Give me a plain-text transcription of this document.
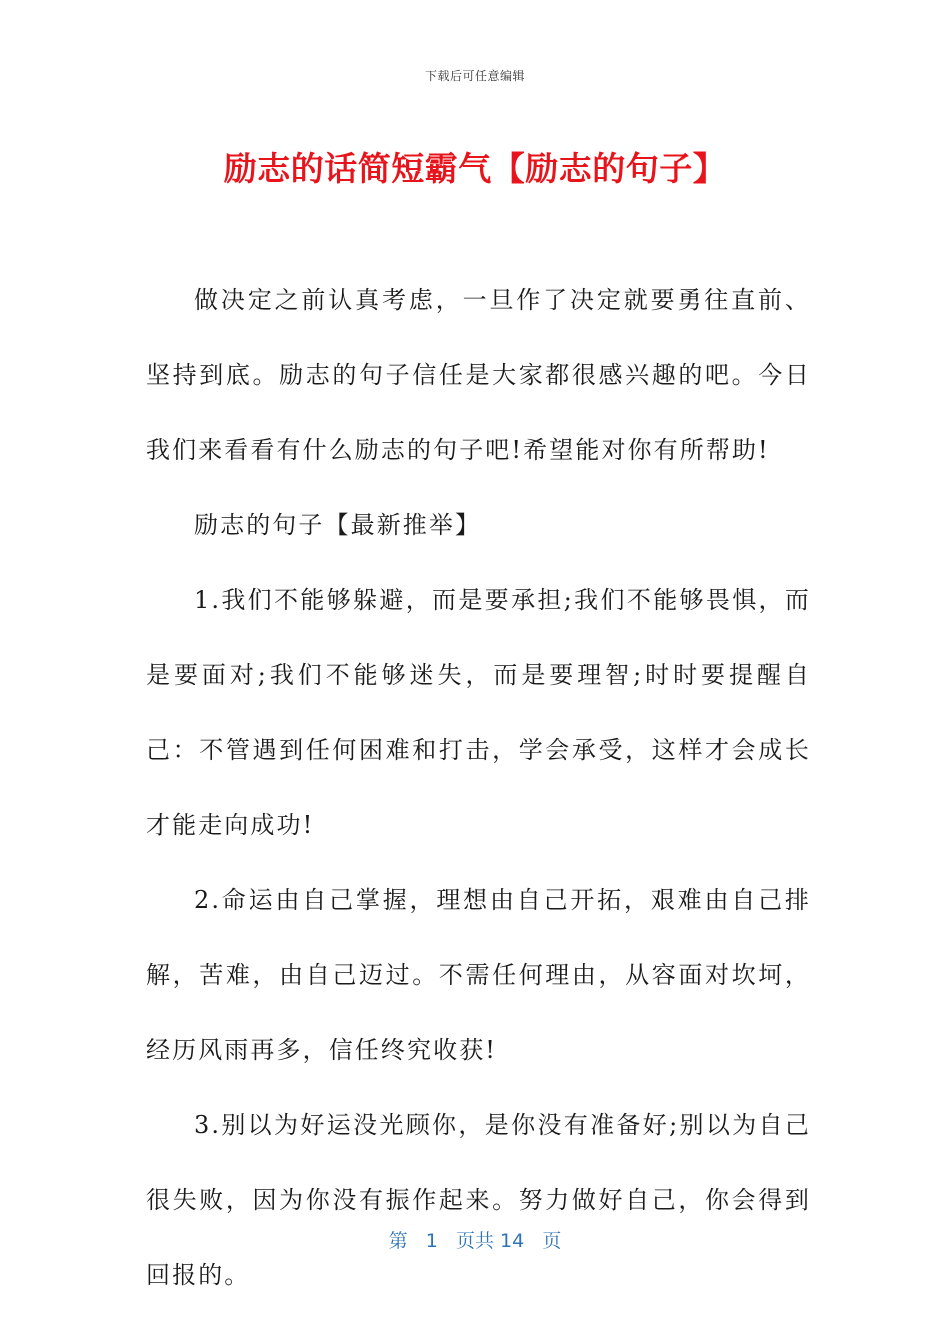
下载后可任意编辑
励志的话简短霸气【励志的句子】

做决定之前认真考虑，一旦作了决定就要勇往直前、坚持到底。励志的句子信任是大家都很感兴趣的吧。今日我们来看看有什么励志的句子吧!希望能对你有所帮助!

励志的句子【最新推举】

1.我们不能够躲避，而是要承担;我们不能够畏惧，而是要面对;我们不能够迷失，而是要理智;时时要提醒自己：不管遇到任何困难和打击，学会承受，这样才会成长才能走向成功!

2.命运由自己掌握，理想由自己开拓，艰难由自己排解，苦难，由自己迈过。不需任何理由，从容面对坎坷，经历风雨再多，信任终究收获!

3.别以为好运没光顾你，是你没有准备好;别以为自己很失败，因为你没有振作起来。努力做好自己，你会得到回报的。

第 1 页共 14 页
